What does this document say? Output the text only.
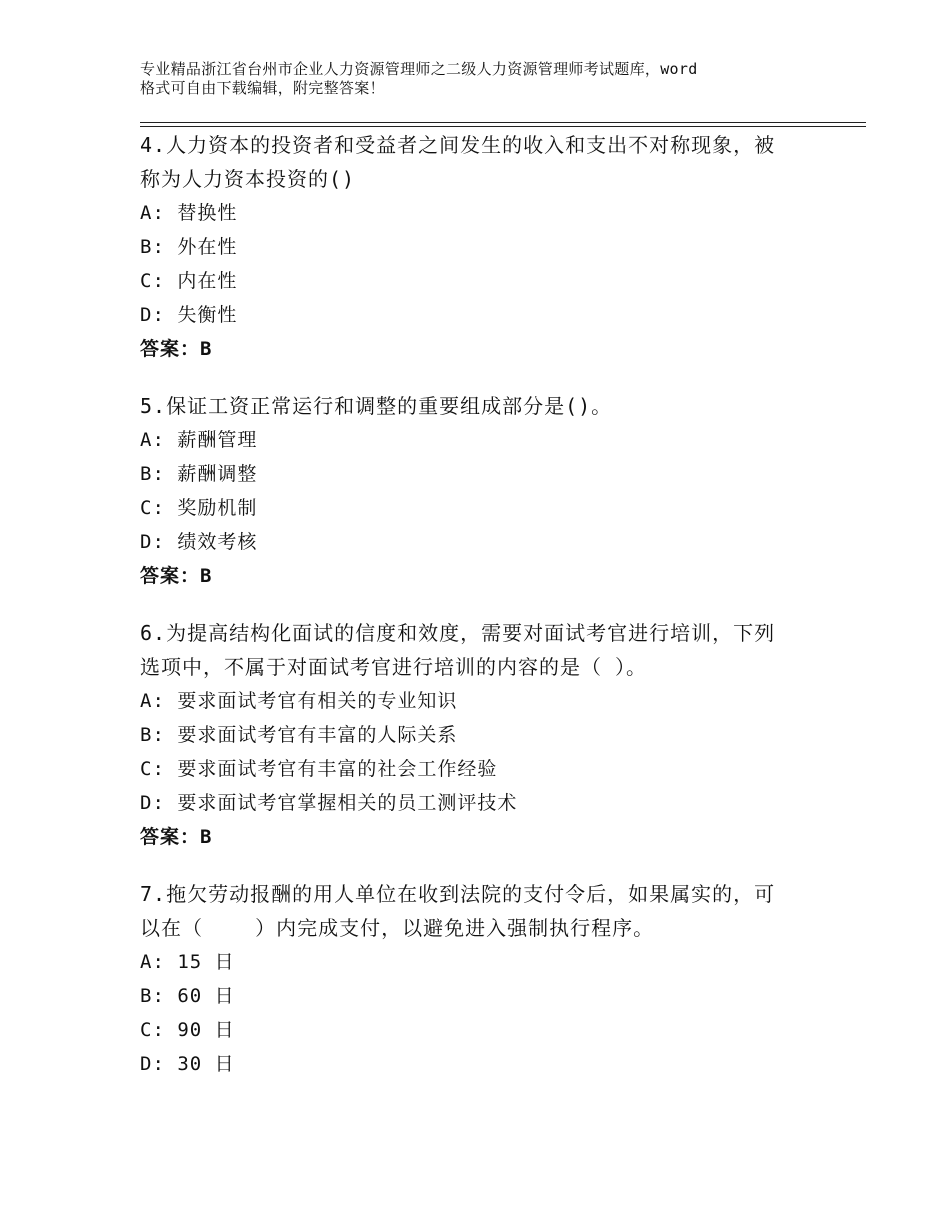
专业精品浙江省台州市企业人力资源管理师之二级人力资源管理师考试题库，word
格式可自由下载编辑，附完整答案！

4.人力资本的投资者和受益者之间发生的收入和支出不对称现象，被

称为人力资本投资的()

A: 替换性

B: 外在性

C: 内在性

D: 失衡性

答案：B

5.保证工资正常运行和调整的重要组成部分是()。

A: 薪酬管理

B: 薪酬调整

C: 奖励机制

D: 绩效考核

答案：B

6.为提高结构化面试的信度和效度，需要对面试考官进行培训，下列

选项中，不属于对面试考官进行培训的内容的是（ ）。

A: 要求面试考官有相关的专业知识

B: 要求面试考官有丰富的人际关系

C: 要求面试考官有丰富的社会工作经验

D: 要求面试考官掌握相关的员工测评技术

答案：B

7.拖欠劳动报酬的用人单位在收到法院的支付令后，如果属实的，可

以在（    ）内完成支付，以避免进入强制执行程序。

A: 15 日

B: 60 日

C: 90 日

D: 30 日
